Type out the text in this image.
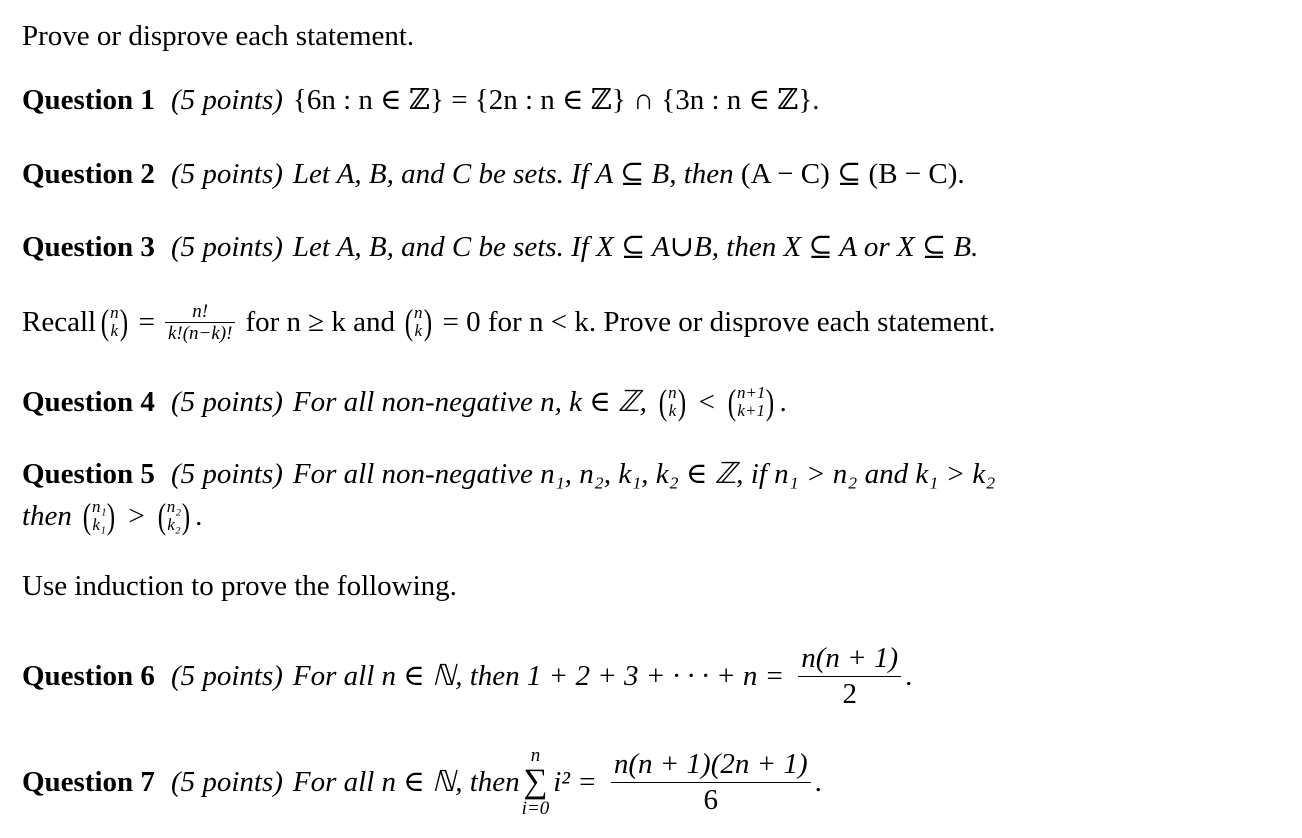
Prove or disprove each statement.
Question 1 (5 points) {6n : n ∈ ℤ} = {2n : n ∈ ℤ} ∩ {3n : n ∈ ℤ}.
Question 2 (5 points) Let A, B, and C be sets. If A ⊆ B, then (A − C) ⊆ (B − C).
Question 3 (5 points) Let A, B, and C be sets. If X ⊆ A∪B, then X ⊆ A or X ⊆ B.
Recall ( n
k ) = $\frac{n!}{k!(n-k)!}$ for n ≥ k and ( n
k ) = 0 for n < k. Prove or disprove each statement.
Question 4 (5 points) For all non-negative n, k ∈ ℤ, ( n
k ) < ( n+1
k+1 ) .
Question 5 (5 points) For all non-negative n₁, n₂, k₁, k₂ ∈ ℤ, if n₁ > n₂ and k₁ > k₂
then ( n₁
k₁ ) > ( n₂
k₂ ) .
Use induction to prove the following.
Question 6 (5 points) For all n ∈ ℕ, then 1 + 2 + 3 + · · · + $n = \frac{n(n + 1)}{2}$ .
Question 7 (5 points) For all n ∈ ℕ, then
n
∑
i=0
$i^2 = \frac{n(n + 1)(2n + 1)}{6}$ .
